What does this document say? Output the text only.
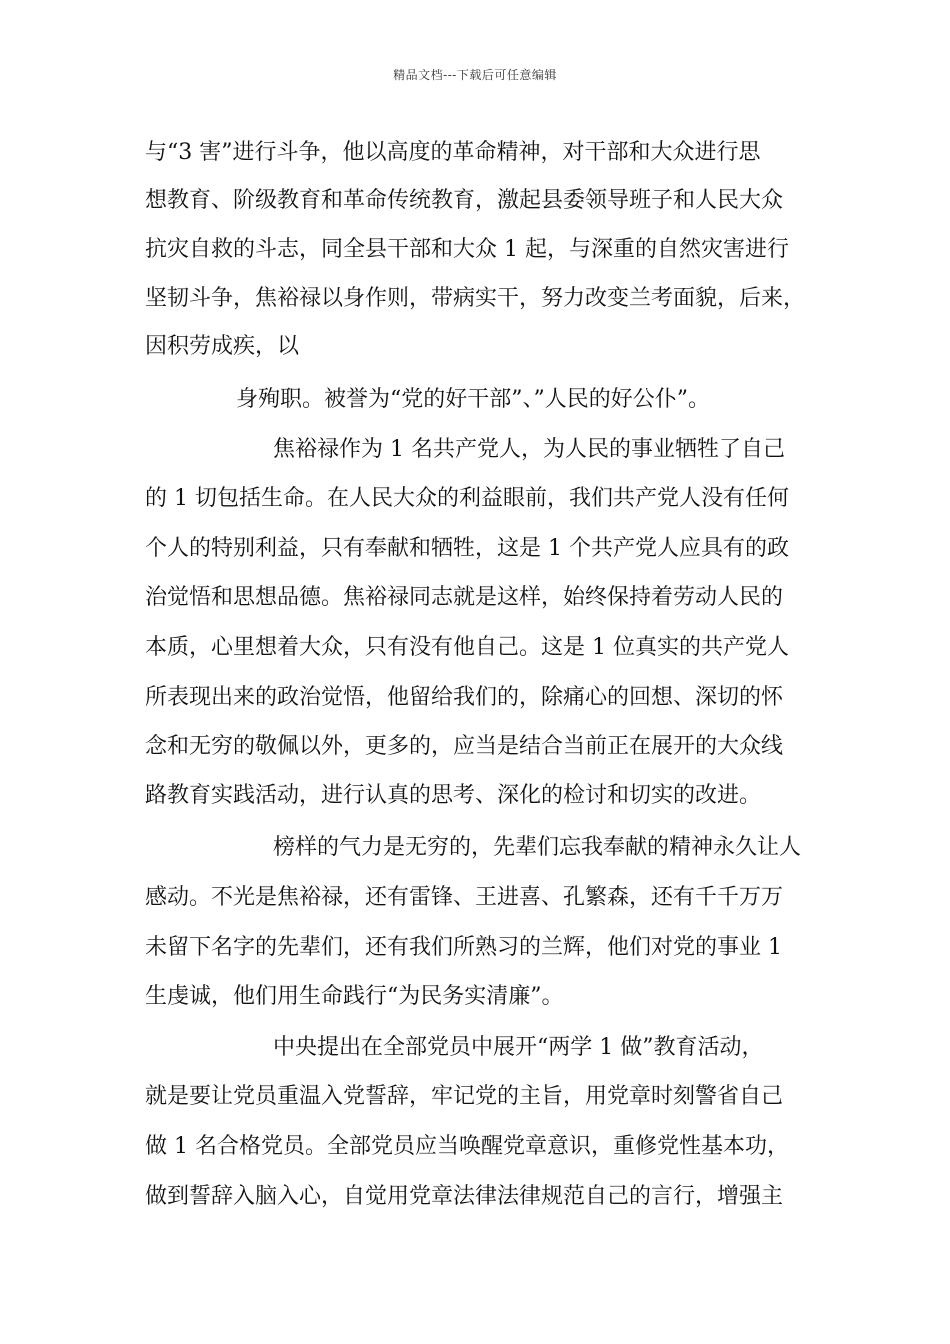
精品文档---下载后可任意编辑
与“3 害”进行斗争，他以高度的革命精神，对干部和大众进行思
想教育、阶级教育和革命传统教育，激起县委领导班子和人民大众
抗灾自救的斗志，同全县干部和大众 1 起，与深重的自然灾害进行
坚韧斗争，焦裕禄以身作则，带病实干，努力改变兰考面貌，后来，
因积劳成疾，以
身殉职。被誉为“党的好干部”、”人民的好公仆”。
焦裕禄作为 1 名共产党人，为人民的事业牺牲了自己
的 1 切包括生命。在人民大众的利益眼前，我们共产党人没有任何
个人的特别利益，只有奉献和牺牲，这是 1 个共产党人应具有的政
治觉悟和思想品德。焦裕禄同志就是这样，始终保持着劳动人民的
本质，心里想着大众，只有没有他自己。这是 1 位真实的共产党人
所表现出来的政治觉悟，他留给我们的，除痛心的回想、深切的怀
念和无穷的敬佩以外，更多的，应当是结合当前正在展开的大众线
路教育实践活动，进行认真的思考、深化的检讨和切实的改进。
榜样的气力是无穷的，先辈们忘我奉献的精神永久让人
感动。不光是焦裕禄，还有雷锋、王进喜、孔繁森，还有千千万万
未留下名字的先辈们，还有我们所熟习的兰辉，他们对党的事业 1
生虔诚，他们用生命践行“为民务实清廉”。
中央提出在全部党员中展开“两学 1 做”教育活动，
就是要让党员重温入党誓辞，牢记党的主旨，用党章时刻警省自己
做 1 名合格党员。全部党员应当唤醒党章意识，重修党性基本功，
做到誓辞入脑入心，自觉用党章法律法律规范自己的言行，增强主
